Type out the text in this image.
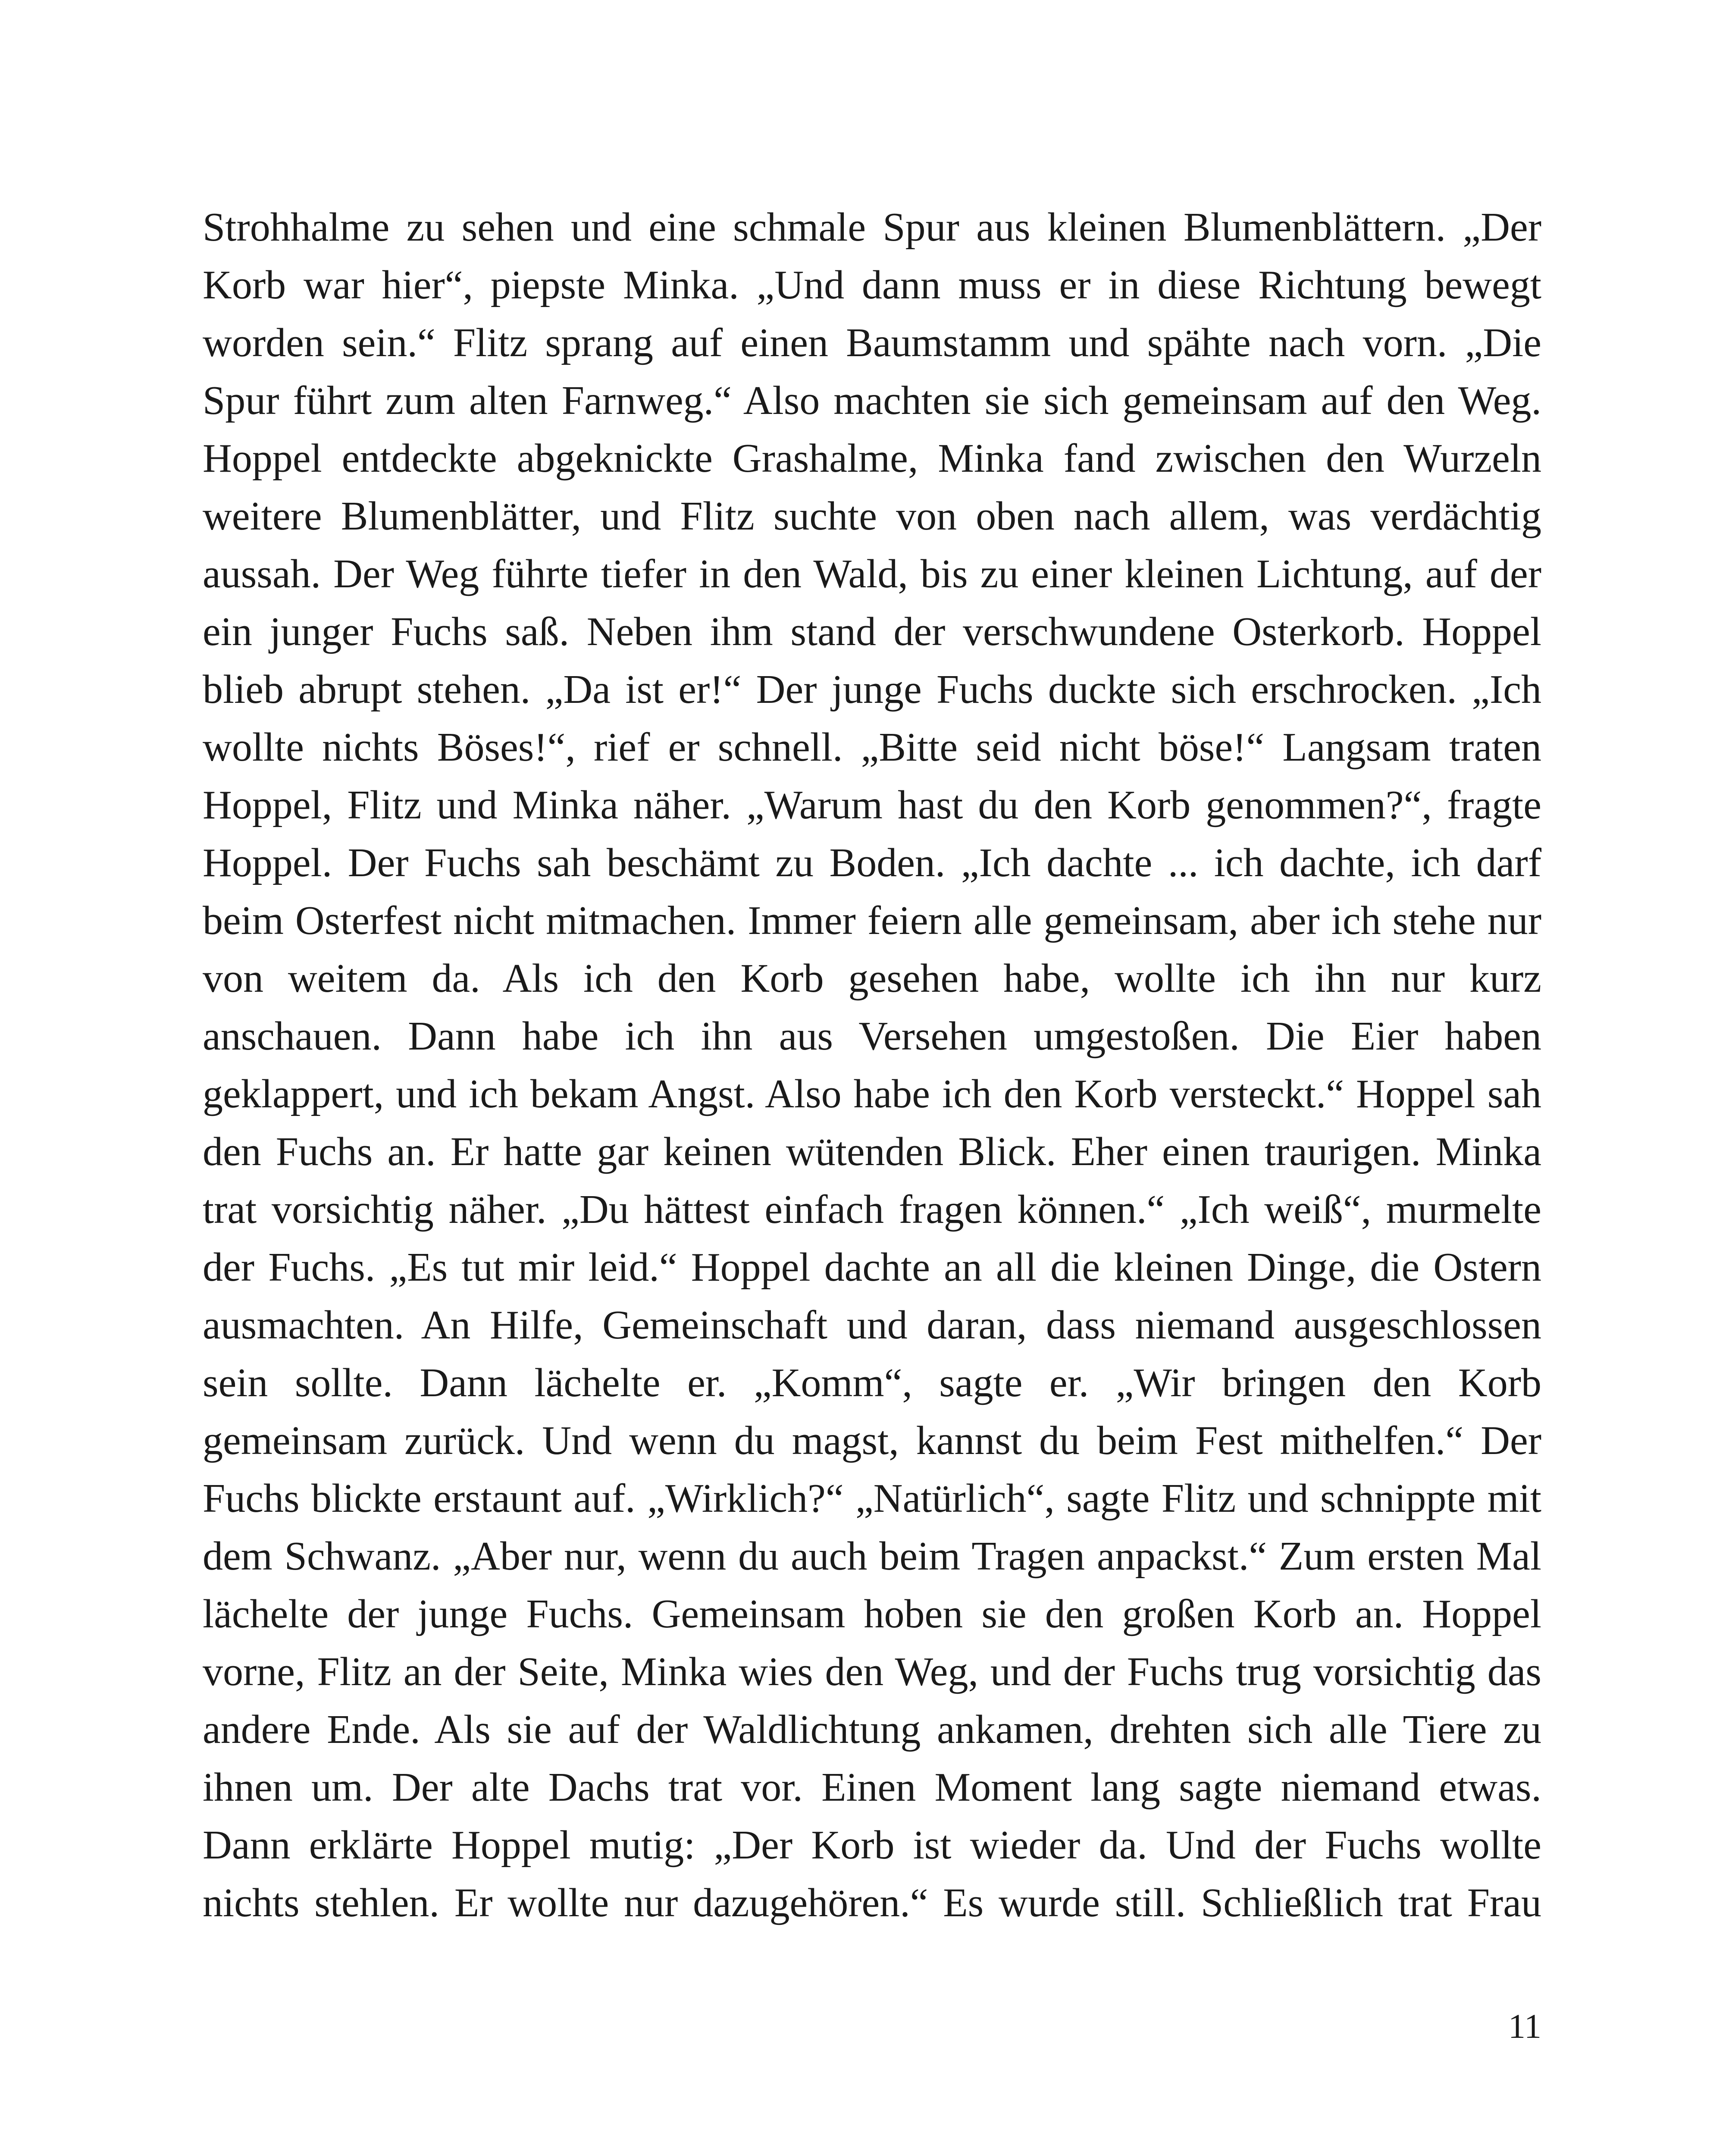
Strohhalme zu sehen und eine schmale Spur aus kleinen Blumenblättern. „Der
Korb war hier“, piepste Minka. „Und dann muss er in diese Richtung bewegt
worden sein.“ Flitz sprang auf einen Baumstamm und spähte nach vorn. „Die
Spur führt zum alten Farnweg.“ Also machten sie sich gemeinsam auf den Weg.
Hoppel entdeckte abgeknickte Grashalme, Minka fand zwischen den Wurzeln
weitere Blumenblätter, und Flitz suchte von oben nach allem, was verdächtig
aussah. Der Weg führte tiefer in den Wald, bis zu einer kleinen Lichtung, auf der
ein junger Fuchs saß. Neben ihm stand der verschwundene Osterkorb. Hoppel
blieb abrupt stehen. „Da ist er!“ Der junge Fuchs duckte sich erschrocken. „Ich
wollte nichts Böses!“, rief er schnell. „Bitte seid nicht böse!“ Langsam traten
Hoppel, Flitz und Minka näher. „Warum hast du den Korb genommen?“, fragte
Hoppel. Der Fuchs sah beschämt zu Boden. „Ich dachte ... ich dachte, ich darf
beim Osterfest nicht mitmachen. Immer feiern alle gemeinsam, aber ich stehe nur
von weitem da. Als ich den Korb gesehen habe, wollte ich ihn nur kurz
anschauen. Dann habe ich ihn aus Versehen umgestoßen. Die Eier haben
geklappert, und ich bekam Angst. Also habe ich den Korb versteckt.“ Hoppel sah
den Fuchs an. Er hatte gar keinen wütenden Blick. Eher einen traurigen. Minka
trat vorsichtig näher. „Du hättest einfach fragen können.“ „Ich weiß“, murmelte
der Fuchs. „Es tut mir leid.“ Hoppel dachte an all die kleinen Dinge, die Ostern
ausmachten. An Hilfe, Gemeinschaft und daran, dass niemand ausgeschlossen
sein sollte. Dann lächelte er. „Komm“, sagte er. „Wir bringen den Korb
gemeinsam zurück. Und wenn du magst, kannst du beim Fest mithelfen.“ Der
Fuchs blickte erstaunt auf. „Wirklich?“ „Natürlich“, sagte Flitz und schnippte mit
dem Schwanz. „Aber nur, wenn du auch beim Tragen anpackst.“ Zum ersten Mal
lächelte der junge Fuchs. Gemeinsam hoben sie den großen Korb an. Hoppel
vorne, Flitz an der Seite, Minka wies den Weg, und der Fuchs trug vorsichtig das
andere Ende. Als sie auf der Waldlichtung ankamen, drehten sich alle Tiere zu
ihnen um. Der alte Dachs trat vor. Einen Moment lang sagte niemand etwas.
Dann erklärte Hoppel mutig: „Der Korb ist wieder da. Und der Fuchs wollte
nichts stehlen. Er wollte nur dazugehören.“ Es wurde still. Schließlich trat Frau
11
